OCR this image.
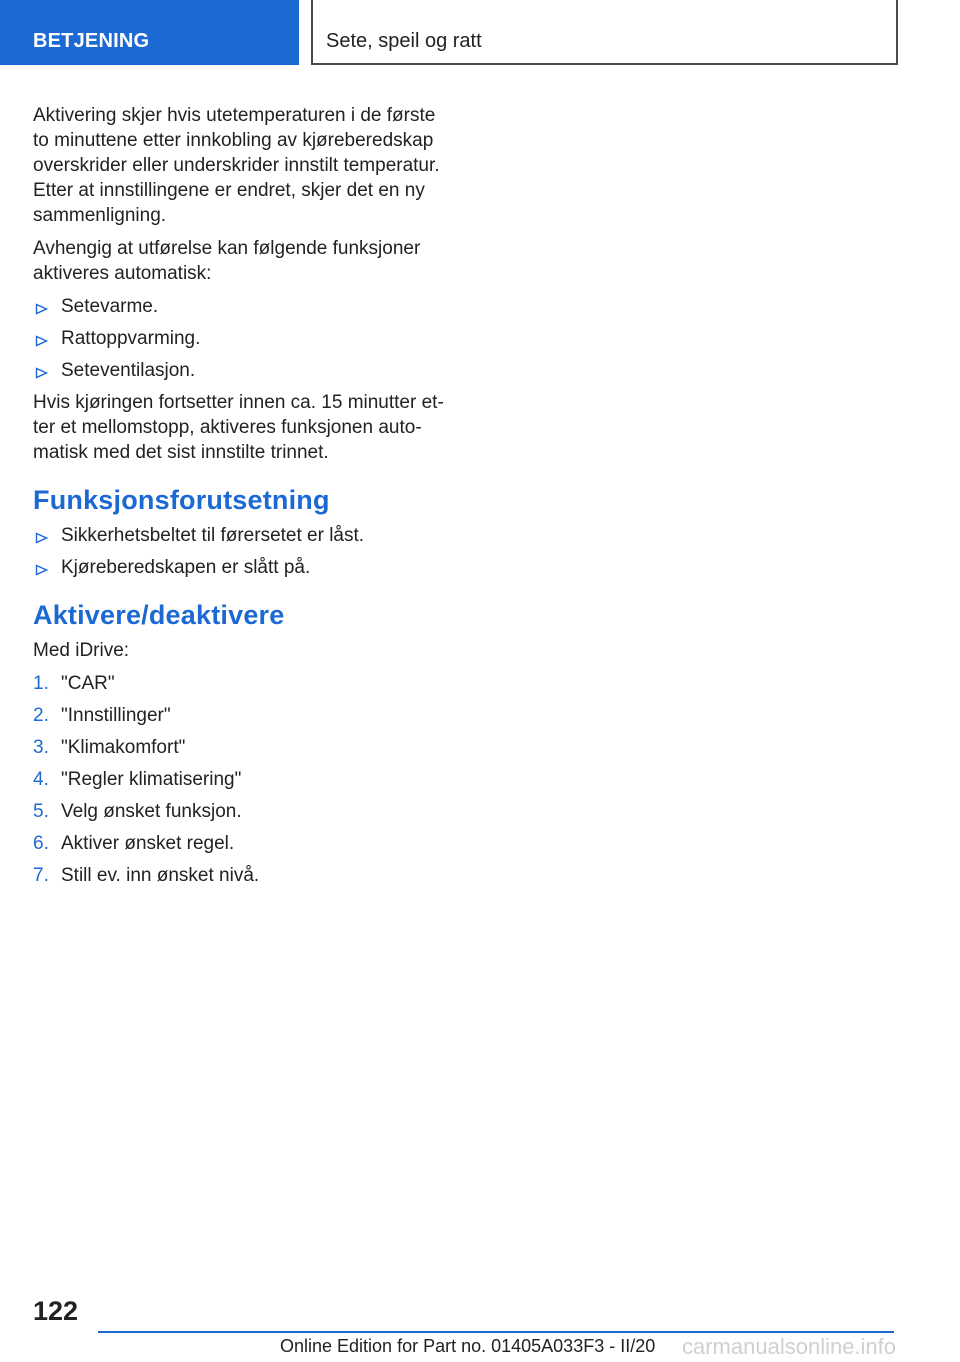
BETJENING	Sete, speil og ratt

Aktivering skjer hvis utetemperaturen i de første to minuttene etter innkobling av kjøreberedskap overskrider eller underskrider innstilt temperatur. Etter at innstillingene er endret, skjer det en ny sammenligning.

Avhengig at utførelse kan følgende funksjoner aktiveres automatisk:

Setevarme.
Rattoppvarming.
Seteventilasjon.

Hvis kjøringen fortsetter innen ca. 15 minutter etter et mellomstopp, aktiveres funksjonen automatisk med det sist innstilte trinnet.

Funksjonsforutsetning
Sikkerhetsbeltet til førersetet er låst.
Kjøreberedskapen er slått på.
Aktivere/deaktivere

Med iDrive:

1. "CAR"
2. "Innstillinger"
3. "Klimakomfort"
4. "Regler klimatisering"
5. Velg ønsket funksjon.
6. Aktiver ønsket regel.
7. Still ev. inn ønsket nivå.
122
Online Edition for Part no. 01405A033F3 - II/20 carmanualsonline.info
